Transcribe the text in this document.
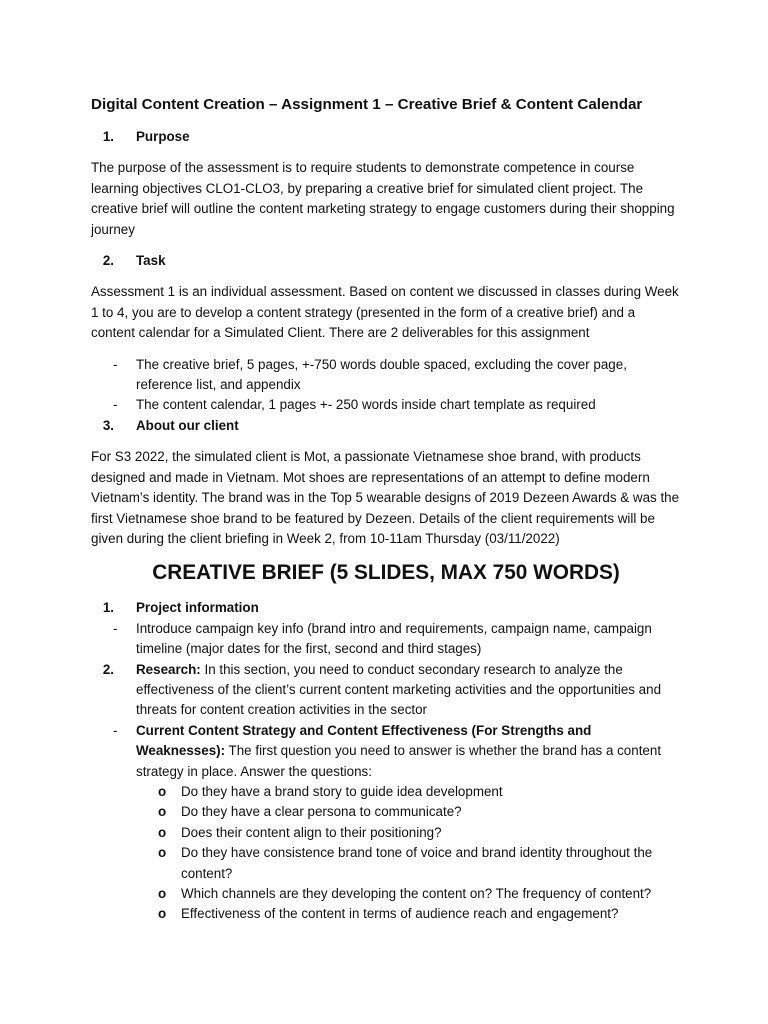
Digital Content Creation – Assignment 1 – Creative Brief & Content Calendar
1. Purpose

The purpose of the assessment is to require students to demonstrate competence in course learning objectives CLO1-CLO3, by preparing a creative brief for simulated client project. The creative brief will outline the content marketing strategy to engage customers during their shopping journey

2. Task

Assessment 1 is an individual assessment. Based on content we discussed in classes during Week 1 to 4, you are to develop a content strategy (presented in the form of a creative brief) and a content calendar for a Simulated Client. There are 2 deliverables for this assignment

-	The creative brief, 5 pages, +-750 words double spaced, excluding the cover page, reference list, and appendix
-	The content calendar, 1 pages +- 250 words inside chart template as required
3. About our client

For S3 2022, the simulated client is Mot, a passionate Vietnamese shoe brand, with products designed and made in Vietnam. Mot shoes are representations of an attempt to define modern Vietnam’s identity. The brand was in the Top 5 wearable designs of 2019 Dezeen Awards & was the first Vietnamese shoe brand to be featured by Dezeen. Details of the client requirements will be given during the client briefing in Week 2, from 10-11am Thursday (03/11/2022)

CREATIVE BRIEF (5 SLIDES, MAX 750 WORDS)
1.	Project information
-	Introduce campaign key info (brand intro and requirements, campaign name, campaign timeline (major dates for the first, second and third stages)
2.	Research: In this section, you need to conduct secondary research to analyze the effectiveness of the client’s current content marketing activities and the opportunities and threats for content creation activities in the sector
-	Current Content Strategy and Content Effectiveness (For Strengths and Weaknesses): The first question you need to answer is whether the brand has a content strategy in place. Answer the questions:
o	Do they have a brand story to guide idea development
o	Do they have a clear persona to communicate?
o	Does their content align to their positioning?
o	Do they have consistence brand tone of voice and brand identity throughout the content?
o	Which channels are they developing the content on? The frequency of content?
o	Effectiveness of the content in terms of audience reach and engagement?
